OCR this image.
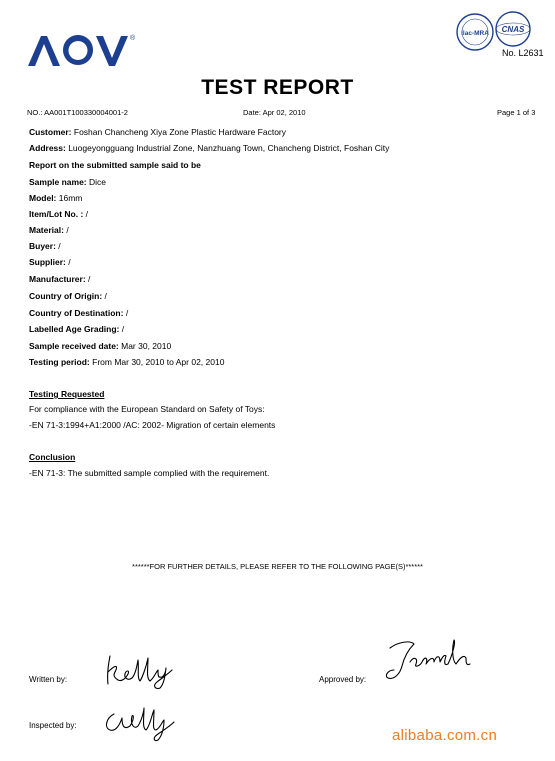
®
ilac-MRA CNAS
No. L2631
TEST REPORT
NO.: AA001T100330004001-2	Date: Apr 02, 2010	Page 1 of 3
Customer: Foshan Chancheng Xiya Zone Plastic Hardware Factory
Address: Luogeyongguang Industrial Zone, Nanzhuang Town, Chancheng District, Foshan City
Report on the submitted sample said to be
Sample name: Dice
Model: 16mm
Item/Lot No. : /
Material: /
Buyer: /
Supplier: /
Manufacturer: /
Country of Origin: /
Country of Destination: /
Labelled Age Grading: /
Sample received date: Mar 30, 2010
Testing period: From Mar 30, 2010 to Apr 02, 2010
Testing Requested
For compliance with the European Standard on Safety of Toys:
-EN 71-3:1994+A1:2000 /AC: 2002- Migration of certain elements
Conclusion
-EN 71-3: The submitted sample complied with the requirement.
******FOR FURTHER DETAILS, PLEASE REFER TO THE FOLLOWING PAGE(S)******
Written by:	Approved by:
Inspected by:
alibaba.com.cn
